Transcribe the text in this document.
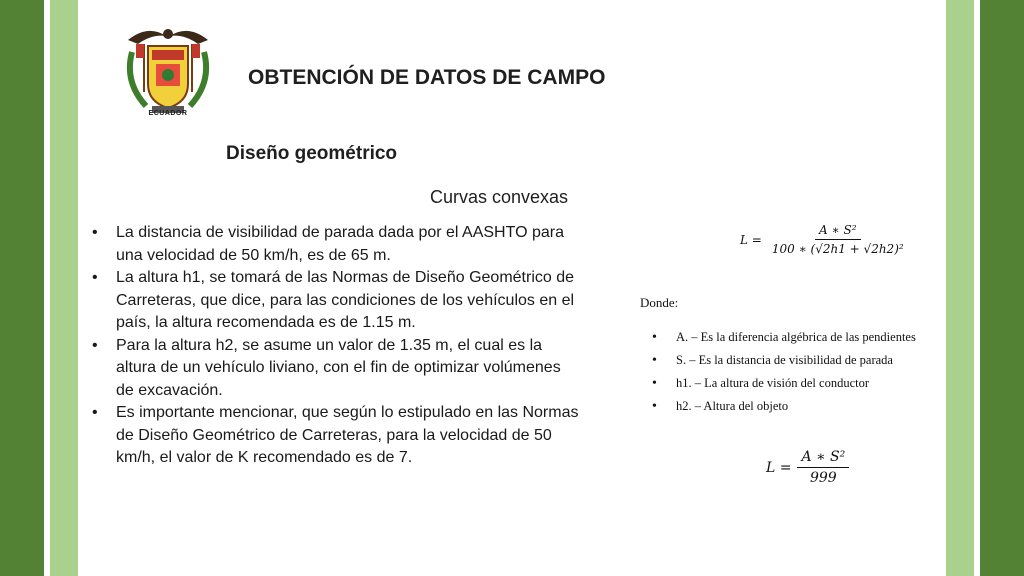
ECUADOR
OBTENCIÓN DE DATOS DE CAMPO
Diseño geométrico
Curvas convexas
• La distancia de visibilidad de parada dada por el AASHTO para una velocidad de 50 km/h, es de 65 m.
• La altura h1, se tomará de las Normas de Diseño Geométrico de Carreteras, que dice, para las condiciones de los vehículos en el país, la altura recomendada es de 1.15 m.
• Para la altura h2, se asume un valor de 1.35 m, el cual es la altura de un vehículo liviano, con el fin de optimizar volúmenes de excavación.
• Es importante mencionar, que según lo estipulado en las Normas de Diseño Geométrico de Carreteras, para la velocidad de 50 km/h, el valor de K recomendado es de 7.
$L = \frac{\text{A ∗ S²}}{\text{100 ∗ (√2h1 + √2h2)²}}$
Donde:
• A. – Es la diferencia algébrica de las pendientes
• S. – Es la distancia de visibilidad de parada
• h1. – La altura de visión del conductor
• h2. – Altura del objeto
$L = \frac{\text{A ∗ S²}}{999}$
